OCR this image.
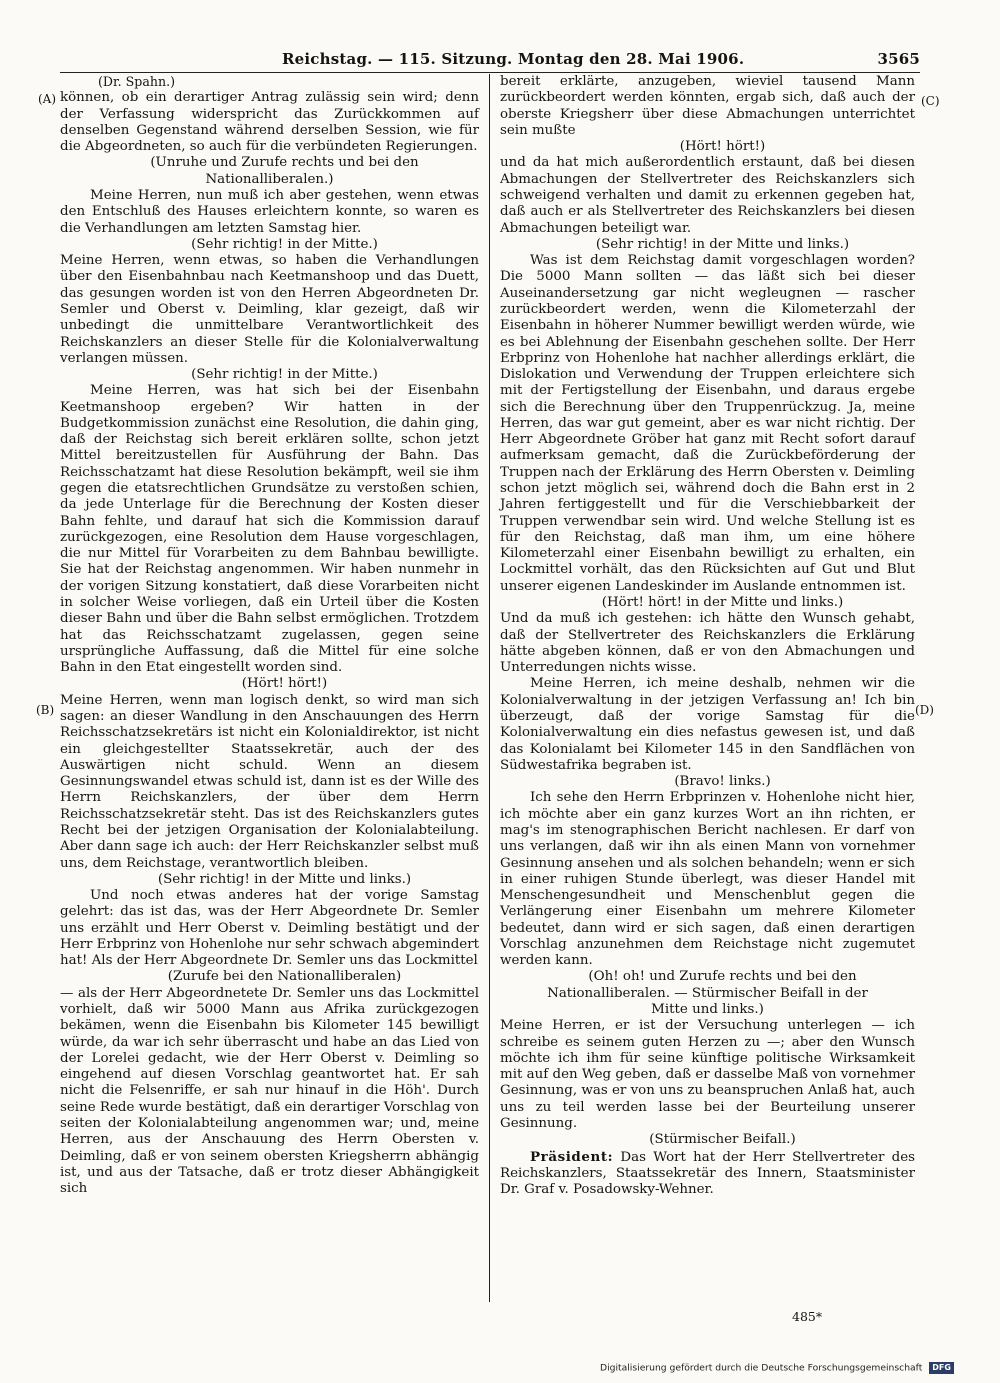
Reichstag. — 115. Sitzung. Montag den 28. Mai 1906.	3565
(A)
(B)
(C)
(D)

(Dr. Spahn.)

können, ob ein derartiger Antrag zulässig sein wird; denn der Verfassung widerspricht das Zurückkommen auf denselben Gegenstand während derselben Session, wie für die Abgeordneten, so auch für die verbündeten Regierungen.

(Unruhe und Zurufe rechts und bei den Nationalliberalen.)

Meine Herren, nun muß ich aber gestehen, wenn etwas den Entschluß des Hauses erleichtern konnte, so waren es die Verhandlungen am letzten Samstag hier.

(Sehr richtig! in der Mitte.)

Meine Herren, wenn etwas, so haben die Verhandlungen über den Eisenbahnbau nach Keetmanshoop und das Duett, das gesungen worden ist von den Herren Abgeordneten Dr. Semler und Oberst v. Deimling, klar gezeigt, daß wir unbedingt die unmittelbare Verantwortlichkeit des Reichskanzlers an dieser Stelle für die Kolonialverwaltung verlangen müssen.

(Sehr richtig! in der Mitte.)

Meine Herren, was hat sich bei der Eisenbahn Keetmanshoop ergeben? Wir hatten in der Budgetkommission zunächst eine Resolution, die dahin ging, daß der Reichstag sich bereit erklären sollte, schon jetzt Mittel bereitzustellen für Ausführung der Bahn. Das Reichsschatzamt hat diese Resolution bekämpft, weil sie ihm gegen die etatsrechtlichen Grundsätze zu verstoßen schien, da jede Unterlage für die Berechnung der Kosten dieser Bahn fehlte, und darauf hat sich die Kommission darauf zurückgezogen, eine Resolution dem Hause vorgeschlagen, die nur Mittel für Vorarbeiten zu dem Bahnbau bewilligte. Sie hat der Reichstag angenommen. Wir haben nunmehr in der vorigen Sitzung konstatiert, daß diese Vorarbeiten nicht in solcher Weise vorliegen, daß ein Urteil über die Kosten dieser Bahn und über die Bahn selbst ermöglichen. Trotzdem hat das Reichsschatzamt zugelassen, gegen seine ursprüngliche Auffassung, daß die Mittel für eine solche Bahn in den Etat eingestellt worden sind.

(Hört! hört!)

Meine Herren, wenn man logisch denkt, so wird man sich sagen: an dieser Wandlung in den Anschauungen des Herrn Reichsschatzsekretärs ist nicht ein Kolonialdirektor, ist nicht ein gleichgestellter Staatssekretär, auch der des Auswärtigen nicht schuld. Wenn an diesem Gesinnungswandel etwas schuld ist, dann ist es der Wille des Herrn Reichskanzlers, der über dem Herrn Reichsschatzsekretär steht. Das ist des Reichskanzlers gutes Recht bei der jetzigen Organisation der Kolonialabteilung. Aber dann sage ich auch: der Herr Reichskanzler selbst muß uns, dem Reichstage, verantwortlich bleiben.

(Sehr richtig! in der Mitte und links.)

Und noch etwas anderes hat der vorige Samstag gelehrt: das ist das, was der Herr Abgeordnete Dr. Semler uns erzählt und Herr Oberst v. Deimling bestätigt und der Herr Erbprinz von Hohenlohe nur sehr schwach abgemindert hat! Als der Herr Abgeordnete Dr. Semler uns das Lockmittel

(Zurufe bei den Nationalliberalen)

— als der Herr Abgeordnetete Dr. Semler uns das Lockmittel vorhielt, daß wir 5000 Mann aus Afrika zurückgezogen bekämen, wenn die Eisenbahn bis Kilometer 145 bewilligt würde, da war ich sehr überrascht und habe an das Lied von der Lorelei gedacht, wie der Herr Oberst v. Deimling so eingehend auf diesen Vorschlag geantwortet hat. Er sah nicht die Felsenriffe, er sah nur hinauf in die Höh'. Durch seine Rede wurde bestätigt, daß ein derartiger Vorschlag von seiten der Kolonialabteilung angenommen war; und, meine Herren, aus der Anschauung des Herrn Obersten v. Deimling, daß er von seinem obersten Kriegsherrn abhängig ist, und aus der Tatsache, daß er trotz dieser Abhängigkeit sich

bereit erklärte, anzugeben, wieviel tausend Mann zurückbeordert werden könnten, ergab sich, daß auch der oberste Kriegsherr über diese Abmachungen unterrichtet sein mußte

(Hört! hört!)

und da hat mich außerordentlich erstaunt, daß bei diesen Abmachungen der Stellvertreter des Reichskanzlers sich schweigend verhalten und damit zu erkennen gegeben hat, daß auch er als Stellvertreter des Reichskanzlers bei diesen Abmachungen beteiligt war.

(Sehr richtig! in der Mitte und links.)

Was ist dem Reichstag damit vorgeschlagen worden? Die 5000 Mann sollten — das läßt sich bei dieser Auseinandersetzung gar nicht wegleugnen — rascher zurückbeordert werden, wenn die Kilometerzahl der Eisenbahn in höherer Nummer bewilligt werden würde, wie es bei Ablehnung der Eisenbahn geschehen sollte. Der Herr Erbprinz von Hohenlohe hat nachher allerdings erklärt, die Dislokation und Verwendung der Truppen erleichtere sich mit der Fertigstellung der Eisenbahn, und daraus ergebe sich die Berechnung über den Truppenrückzug. Ja, meine Herren, das war gut gemeint, aber es war nicht richtig. Der Herr Abgeordnete Gröber hat ganz mit Recht sofort darauf aufmerksam gemacht, daß die Zurückbeförderung der Truppen nach der Erklärung des Herrn Obersten v. Deimling schon jetzt möglich sei, während doch die Bahn erst in 2 Jahren fertiggestellt und für die Verschiebbarkeit der Truppen verwendbar sein wird. Und welche Stellung ist es für den Reichstag, daß man ihm, um eine höhere Kilometerzahl einer Eisenbahn bewilligt zu erhalten, ein Lockmittel vorhält, das den Rücksichten auf Gut und Blut unserer eigenen Landeskinder im Auslande entnommen ist.

(Hört! hört! in der Mitte und links.)

Und da muß ich gestehen: ich hätte den Wunsch gehabt, daß der Stellvertreter des Reichskanzlers die Erklärung hätte abgeben können, daß er von den Abmachungen und Unterredungen nichts wisse.

Meine Herren, ich meine deshalb, nehmen wir die Kolonialverwaltung in der jetzigen Verfassung an! Ich bin überzeugt, daß der vorige Samstag für die Kolonialverwaltung ein dies nefastus gewesen ist, und daß das Kolonialamt bei Kilometer 145 in den Sandflächen von Südwestafrika begraben ist.

(Bravo! links.)

Ich sehe den Herrn Erbprinzen v. Hohenlohe nicht hier, ich möchte aber ein ganz kurzes Wort an ihn richten, er mag's im stenographischen Bericht nachlesen. Er darf von uns verlangen, daß wir ihn als einen Mann von vornehmer Gesinnung ansehen und als solchen behandeln; wenn er sich in einer ruhigen Stunde überlegt, was dieser Handel mit Menschengesundheit und Menschenblut gegen die Verlängerung einer Eisenbahn um mehrere Kilometer bedeutet, dann wird er sich sagen, daß einen derartigen Vorschlag anzunehmen dem Reichstage nicht zugemutet werden kann.

(Oh! oh! und Zurufe rechts und bei den Nationalliberalen. — Stürmischer Beifall in der Mitte und links.)

Meine Herren, er ist der Versuchung unterlegen — ich schreibe es seinem guten Herzen zu —; aber den Wunsch möchte ich ihm für seine künftige politische Wirksamkeit mit auf den Weg geben, daß er dasselbe Maß von vornehmer Gesinnung, was er von uns zu beanspruchen Anlaß hat, auch uns zu teil werden lasse bei der Beurteilung unserer Gesinnung.

(Stürmischer Beifall.)

Präsident: Das Wort hat der Herr Stellvertreter des Reichskanzlers, Staatssekretär des Innern, Staatsminister Dr. Graf v. Posadowsky-Wehner.

485*
Digitalisierung gefördert durch die Deutsche Forschungsgemeinschaft DFG
